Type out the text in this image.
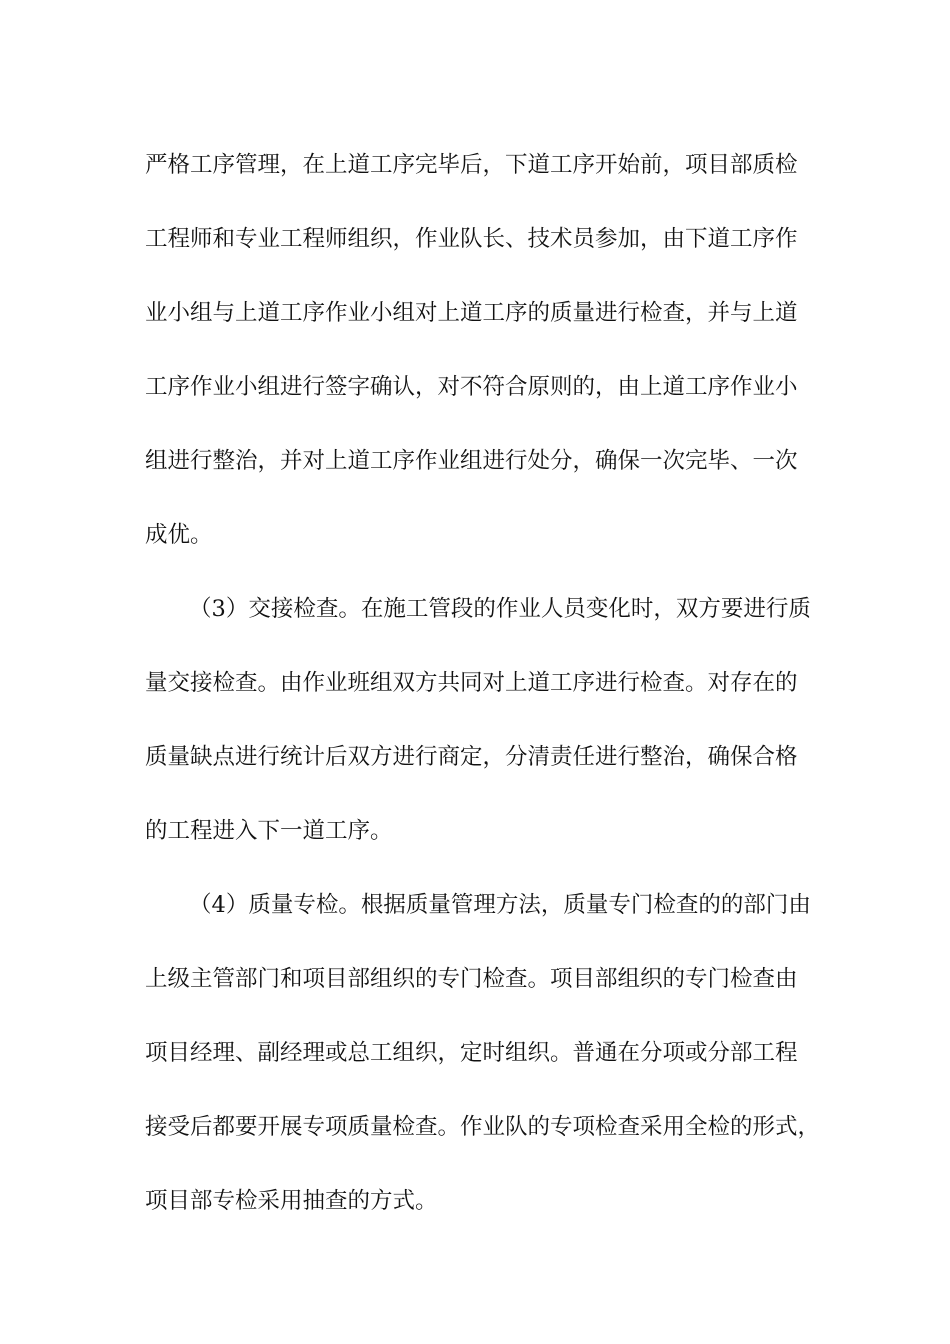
严格工序管理，在上道工序完毕后，下道工序开始前，项目部质检
工程师和专业工程师组织，作业队长、技术员参加，由下道工序作
业小组与上道工序作业小组对上道工序的质量进行检查，并与上道
工序作业小组进行签字确认，对不符合原则的，由上道工序作业小
组进行整治，并对上道工序作业组进行处分，确保一次完毕、一次
成优。

（3）交接检查。在施工管段的作业人员变化时，双方要进行质
量交接检查。由作业班组双方共同对上道工序进行检查。对存在的
质量缺点进行统计后双方进行商定，分清责任进行整治，确保合格
的工程进入下一道工序。

（4）质量专检。根据质量管理方法，质量专门检查的的部门由
上级主管部门和项目部组织的专门检查。项目部组织的专门检查由
项目经理、副经理或总工组织，定时组织。普通在分项或分部工程
接受后都要开展专项质量检查。作业队的专项检查采用全检的形式，
项目部专检采用抽查的方式。
